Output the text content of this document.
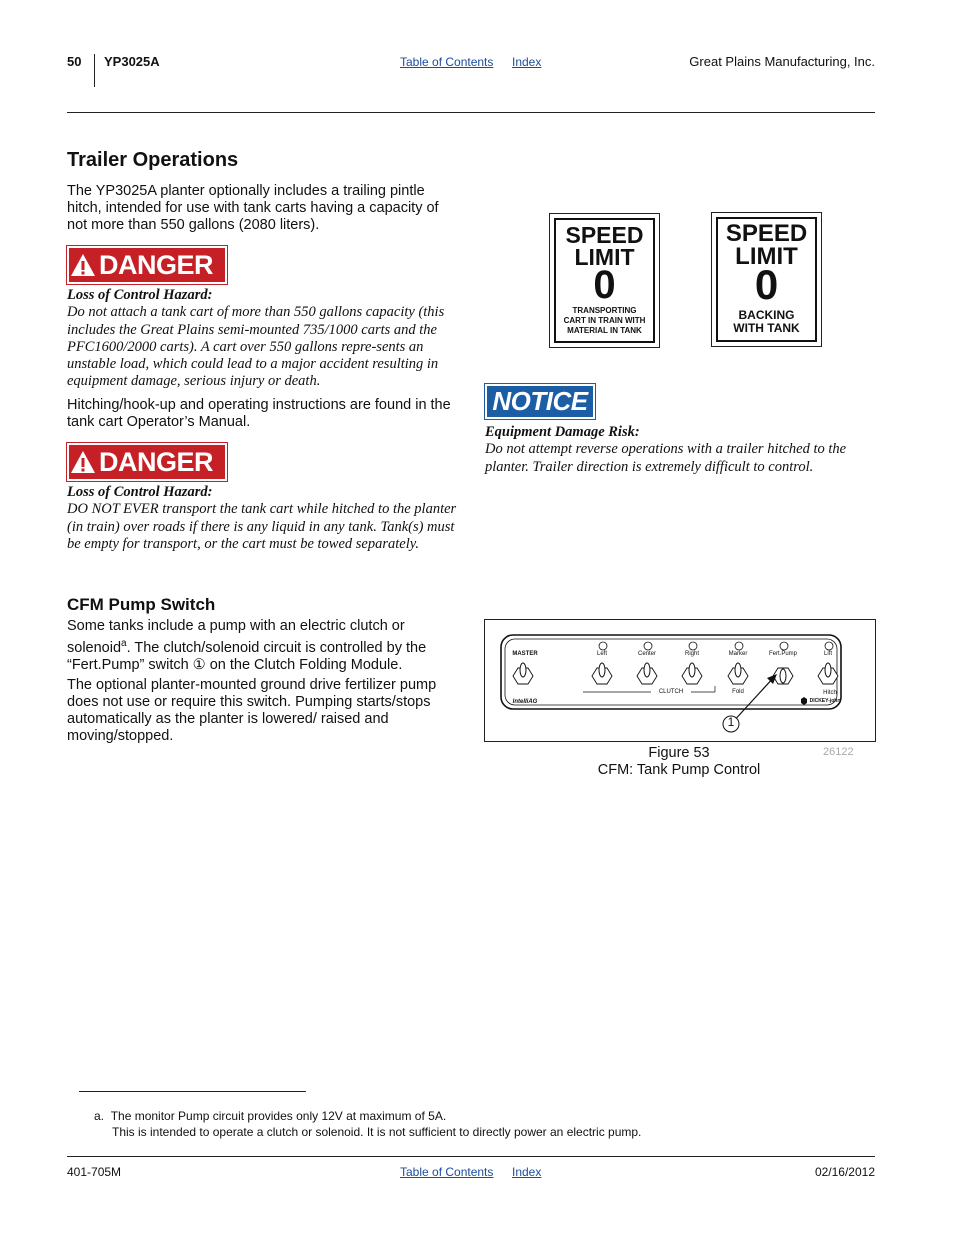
50 YP3025A	Table of Contents Index	Great Plains Manufacturing, Inc.
Trailer Operations
The YP3025A planter optionally includes a trailing pintle hitch, intended for use with tank carts having a capacity of not more than 550 gallons (2080 liters).
DANGER
Loss of Control Hazard:
Do not attach a tank cart of more than 550 gallons capacity (this includes the Great Plains semi-mounted 735/1000 carts and the PFC1600/2000 carts). A cart over 550 gallons repre-sents an unstable load, which could lead to a major accident resulting in equipment damage, serious injury or death.
Hitching/hook-up and operating instructions are found in the tank cart Operator’s Manual.
DANGER
Loss of Control Hazard:
DO NOT EVER transport the tank cart while hitched to the planter (in train) over roads if there is any liquid in any tank. Tank(s) must be empty for transport, or the cart must be towed separately.
CFM Pump Switch
Some tanks include a pump with an electric clutch or solenoid$^a$. The clutch/solenoid circuit is controlled by the “Fert.Pump” switch ① on the Clutch Folding Module.
The optional planter-mounted ground drive fertilizer pump does not use or require this switch. Pumping starts/stops automatically as the planter is lowered/ raised and moving/stopped.
SPEED
LIMIT
0
TRANSPORTING
CART IN TRAIN WITH
MATERIAL IN TANK
SPEED
LIMIT
0
BACKING
WITH TANK
NOTICE
Equipment Damage Risk:
Do not attempt reverse operations with a trailer hitched to the planter. Trailer direction is extremely difficult to control.
MASTER	Left	Center	Right	Marker	Fert.Pump	Lift
CLUTCH	Fold	Hitch
IntelliAG	DICKEY-john
1
26122
Figure 53
CFM: Tank Pump Control
a. The monitor Pump circuit provides only 12V at maximum of 5A.
This is intended to operate a clutch or solenoid. It is not sufficient to directly power an electric pump.
401-705M	Table of Contents Index	02/16/2012
